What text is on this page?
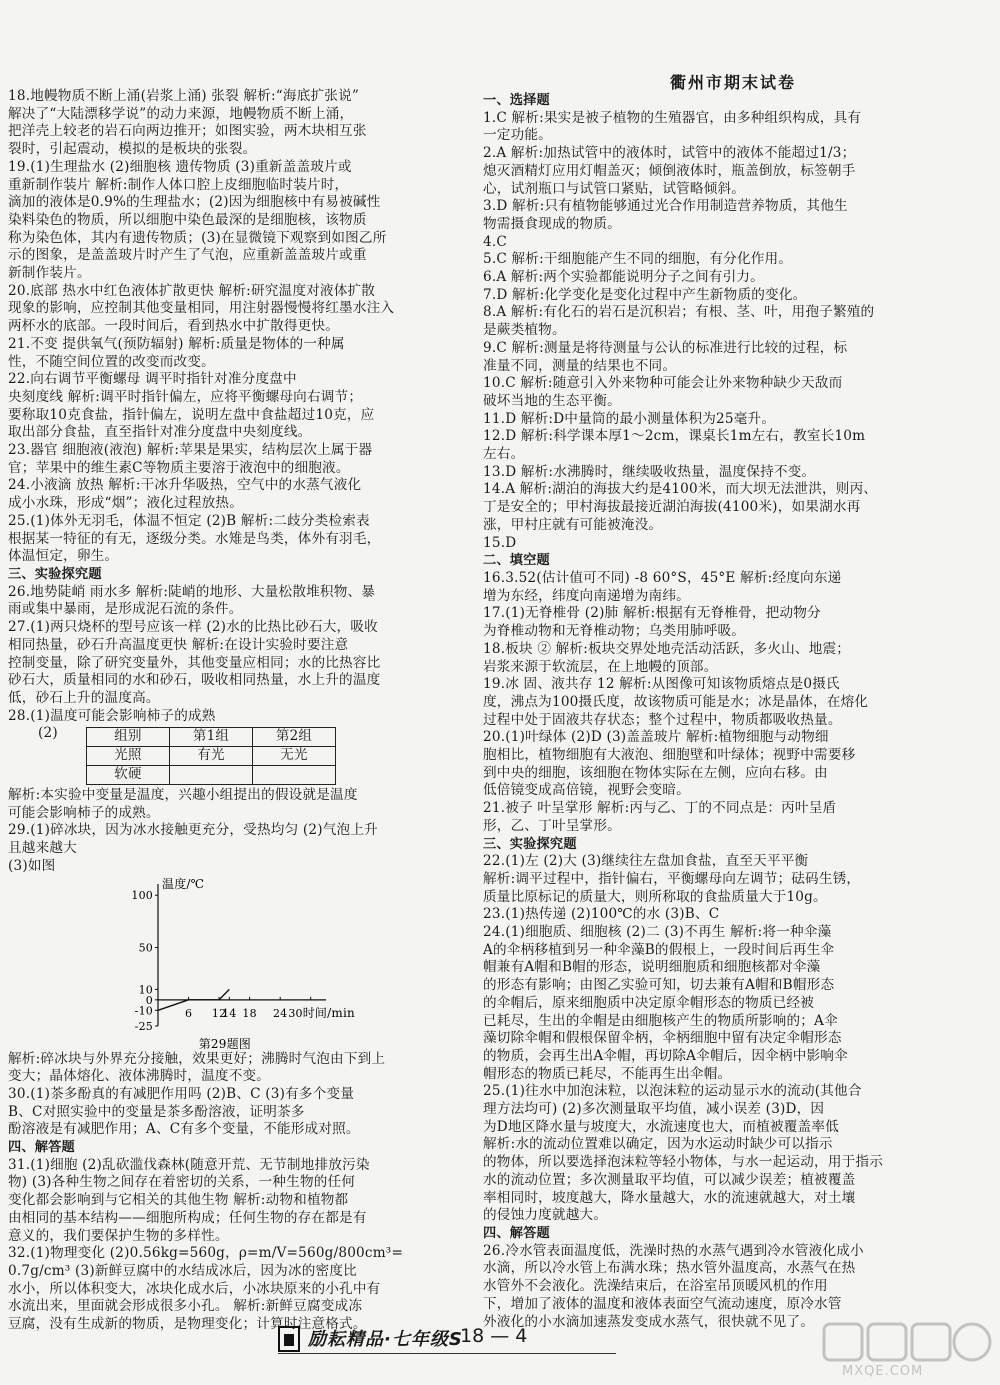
衢州市期末试卷
18.地幔物质不断上涌(岩浆上涌) 张裂 解析:“海底扩张说”
解决了“大陆漂移学说”的动力来源，地幔物质不断上涌，
把洋壳上较老的岩石向两边推开；如图实验，两木块相互张
裂时，引起震动，模拟的是板块的张裂。
19.(1)生理盐水 (2)细胞核 遗传物质 (3)重新盖盖玻片或
重新制作装片 解析:制作人体口腔上皮细胞临时装片时，
滴加的液体是0.9%的生理盐水；(2)因为细胞核中有易被碱性
染料染色的物质，所以细胞中染色最深的是细胞核，该物质
称为染色体，其内有遗传物质；(3)在显微镜下观察到如图乙所
示的图象，是盖盖玻片时产生了气泡，应重新盖盖玻片或重
新制作装片。
20.底部 热水中红色液体扩散更快 解析:研究温度对液体扩散
现象的影响，应控制其他变量相同，用注射器慢慢将红墨水注入
两杯水的底部。一段时间后，看到热水中扩散得更快。
21.不变 提供氧气(预防辐射) 解析:质量是物体的一种属
性，不随空间位置的改变而改变。
22.向右调节平衡螺母 调平时指针对准分度盘中
央刻度线 解析:调平时指针偏左，应将平衡螺母向右调节；
要称取10克食盐，指针偏左，说明左盘中食盐超过10克，应
取出部分食盐，直至指针对准分度盘中央刻度线。
23.器官 细胞液(液泡) 解析:苹果是果实，结构层次上属于器
官；苹果中的维生素C等物质主要溶于液泡中的细胞液。
24.小液滴 放热 解析:干冰升华吸热，空气中的水蒸气液化
成小水珠，形成“烟”；液化过程放热。
25.(1)体外无羽毛，体温不恒定 (2)B 解析:二歧分类检索表
根据某一特征的有无，逐级分类。水雉是鸟类，体外有羽毛，
体温恒定，卵生。
三、实验探究题
26.地势陡峭 雨水多 解析:陡峭的地形、大量松散堆积物、暴
雨或集中暴雨，是形成泥石流的条件。
27.(1)两只烧杯的型号应该一样 (2)水的比热比砂石大，吸收
相同热量，砂石升高温度更快 解析:在设计实验时要注意
控制变量，除了研究变量外，其他变量应相同；水的比热容比
砂石大，质量相同的水和砂石，吸收相同热量，水上升的温度
低，砂石上升的温度高。
28.(1)温度可能会影响柿子的成熟
组别	第1组	第2组
光照	有光	无光
软硬		
(2)
解析:本实验中变量是温度，兴趣小组提出的假设就是温度
可能会影响柿子的成熟。
29.(1)碎冰块，因为冰水接触更充分，受热均匀 (2)气泡上升
且越来越大
(3)如图
温度/℃
时间/min
100
50
10
0
-10
-25
6 12
14 18 24 30
第29题图
解析:碎冰块与外界充分接触，效果更好；沸腾时气泡由下到上
变大；晶体熔化、液体沸腾时，温度不变。
30.(1)茶多酚真的有减肥作用吗 (2)B、C (3)有多个变量
B、C对照实验中的变量是茶多酚溶液，证明茶多
酚溶液是有减肥作用；A、C有多个变量，不能形成对照。
四、解答题
31.(1)细胞 (2)乱砍滥伐森林(随意开荒、无节制地排放污染
物) (3)各种生物之间存在着密切的关系，一种生物的任何
变化都会影响到与它相关的其他生物 解析:动物和植物都
由相同的基本结构——细胞所构成；任何生物的存在都是有
意义的，我们要保护生物的多样性。
32.(1)物理变化 (2)0.56kg=560g，ρ=m/V=560g/800cm³=
0.7g/cm³ (3)新鲜豆腐中的水结成冰后，因为冰的密度比
水小，所以体积变大，冰块化成水后，小冰块原来的小孔中有
水流出来，里面就会形成很多小孔。 解析:新鲜豆腐变成冻
豆腐，没有生成新的物质，是物理变化；计算时注意格式。
一、选择题
1.C 解析:果实是被子植物的生殖器官，由多种组织构成，具有
一定功能。
2.A 解析:加热试管中的液体时，试管中的液体不能超过1/3；
熄灭酒精灯应用灯帽盖灭；倾倒液体时，瓶盖倒放，标签朝手
心，试剂瓶口与试管口紧贴，试管略倾斜。
3.D 解析:只有植物能够通过光合作用制造营养物质，其他生
物需摄食现成的物质。
4.C
5.C 解析:干细胞能产生不同的细胞，有分化作用。
6.A 解析:两个实验都能说明分子之间有引力。
7.D 解析:化学变化是变化过程中产生新物质的变化。
8.A 解析:有化石的岩石是沉积岩；有根、茎、叶，用孢子繁殖的
是蕨类植物。
9.C 解析:测量是将待测量与公认的标准进行比较的过程，标
准量不同，测量的结果也不同。
10.C 解析:随意引入外来物种可能会让外来物种缺少天敌而
破坏当地的生态平衡。
11.D 解析:D中量筒的最小测量体积为25毫升。
12.D 解析:科学课本厚1～2cm，课桌长1m左右，教室长10m
左右。
13.D 解析:水沸腾时，继续吸收热量，温度保持不变。
14.A 解析:湖泊的海拔大约是4100米，而大坝无法泄洪，则丙、
丁是安全的；甲村海拔最接近湖泊海拔(4100米)，如果湖水再
涨，甲村庄就有可能被淹没。
15.D
二、填空题
16.3.52(估计值可不同) -8 60°S，45°E 解析:经度向东递
增为东经，纬度向南递增为南纬。
17.(1)无脊椎骨 (2)肺 解析:根据有无脊椎骨，把动物分
为脊椎动物和无脊椎动物；乌类用肺呼吸。
18.板块 ② 解析:板块交界处地壳活动活跃，多火山、地震；
岩浆来源于软流层，在上地幔的顶部。
19.冰 固、液共存 12 解析:从图像可知该物质熔点是0摄氏
度，沸点为100摄氏度，故该物质可能是水；冰是晶体，在熔化
过程中处于固液共存状态；整个过程中，物质都吸收热量。
20.(1)叶绿体 (2)D (3)盖盖玻片 解析:植物细胞与动物细
胞相比，植物细胞有大液泡、细胞壁和叶绿体；视野中需要移
到中央的细胞，该细胞在物体实际在左侧，应向右移。由
低倍镜变成高倍镜，视野会变暗。
21.被子 叶呈掌形 解析:丙与乙、丁的不同点是：丙叶呈盾
形，乙、丁叶呈掌形。
三、实验探究题
22.(1)左 (2)大 (3)继续往左盘加食盐，直至天平平衡
解析:调平过程中，指针偏右，平衡螺母向左调节；砝码生锈，
质量比原标记的质量大，则所称取的食盐质量大于10g。
23.(1)热传递 (2)100℃的水 (3)B、C
24.(1)细胞质、细胞核 (2)二 (3)不再生 解析:将一种伞藻
A的伞柄移植到另一种伞藻B的假根上，一段时间后再生伞
帽兼有A帽和B帽的形态，说明细胞质和细胞核都对伞藻
的形态有影响；由图乙实验可知，切去兼有A帽和B帽形态
的伞帽后，原来细胞质中决定原伞帽形态的物质已经被
已耗尽，生出的伞帽是由细胞核产生的物质所影响的；A伞
藻切除伞帽和假根保留伞柄，伞柄细胞中留有决定伞帽形态
的物质，会再生出A伞帽，再切除A伞帽后，因伞柄中影响伞
帽形态的物质已耗尽，不能再生出伞帽。
25.(1)往水中加泡沫粒，以泡沫粒的运动显示水的流动(其他合
理方法均可) (2)多次测量取平均值，减小误差 (3)D，因
为D地区降水量与坡度大，水流速度也大，而植被覆盖率低
解析:水的流动位置难以确定，因为水运动时缺少可以指示
的物体，所以要选择泡沫粒等轻小物体，与水一起运动，用于指示
水的流动位置；多次测量取平均值，可以减少误差；植被覆盖
率相同时，坡度越大，降水量越大，水的流速就越大，对土壤
的侵蚀力度就越大。
四、解答题
26.冷水管表面温度低，洗澡时热的水蒸气遇到冷水管液化成小
水滴，所以冷水管上布满水珠；热水管外温度高，水蒸气在热
水管外不会液化。洗澡结束后，在浴室吊顶暖风机的作用
下，增加了液体的温度和液体表面空气流动速度，原冷水管
外液化的小水滴加速蒸发变成水蒸气，很快就不见了。
励耘精品·七年级S
18 — 4
MXQE.COM
